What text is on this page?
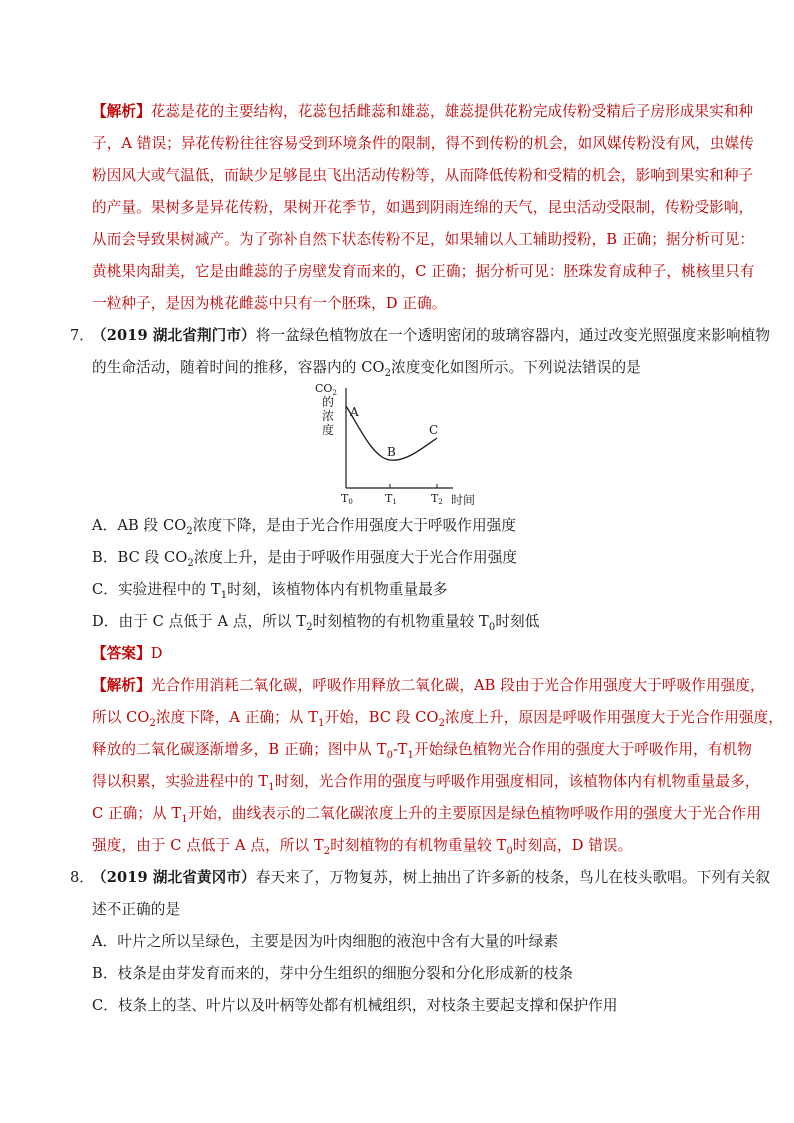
【解析】花蕊是花的主要结构，花蕊包括雌蕊和雄蕊，雄蕊提供花粉完成传粉受精后子房形成果实和种
子，A 错误；异花传粉往往容易受到环境条件的限制，得不到传粉的机会，如风媒传粉没有风，虫媒传
粉因风大或气温低，而缺少足够昆虫飞出活动传粉等，从而降低传粉和受精的机会，影响到果实和种子
的产量。果树多是异花传粉，果树开花季节，如遇到阴雨连绵的天气，昆虫活动受限制，传粉受影响，
从而会导致果树减产。为了弥补自然下状态传粉不足，如果辅以人工辅助授粉，B 正确；据分析可见：
黄桃果肉甜美，它是由雌蕊的子房壁发育而来的，C 正确；据分析可见：胚珠发育成种子，桃核里只有
一粒种子，是因为桃花雌蕊中只有一个胚珠，D 正确。
7．
（2019 湖北省荆门市）将一盆绿色植物放在一个透明密闭的玻璃容器内，通过改变光照强度来影响植物
的生命活动，随着时间的推移，容器内的 $CO_2$浓度变化如图所示。下列说法错误的是
$CO_2$
的
浓
度
A
B
C
T0	T1	T2 时间
A．AB 段 $CO_2$浓度下降，是由于光合作用强度大于呼吸作用强度
B．BC 段 $CO_2$浓度上升，是由于呼吸作用强度大于光合作用强度
C．实验进程中的 $T_1$时刻，该植物体内有机物重量最多
D．由于 C 点低于 A 点，所以 $T_2$时刻植物的有机物重量较 $T_0$时刻低
【答案】D
【解析】光合作用消耗二氧化碳，呼吸作用释放二氧化碳，AB 段由于光合作用强度大于呼吸作用强度，
所以 $CO_2$浓度下降，A 正确；从 $T_1$开始，BC 段 $CO_2$浓度上升，原因是呼吸作用强度大于光合作用强度，
释放的二氧化碳逐渐增多，B 正确；图中从 $T_0-T_1$开始绿色植物光合作用的强度大于呼吸作用，有机物
得以积累，实验进程中的 $T_1$时刻，光合作用的强度与呼吸作用强度相同，该植物体内有机物重量最多，
C 正确；从 $T_1$开始，曲线表示的二氧化碳浓度上升的主要原因是绿色植物呼吸作用的强度大于光合作用
强度，由于 C 点低于 A 点，所以 $T_2$时刻植物的有机物重量较 $T_0$时刻高，D 错误。
8．
（2019 湖北省黄冈市）春天来了，万物复苏，树上抽出了许多新的枝条，鸟儿在枝头歌唱。下列有关叙
述不正确的是
A．叶片之所以呈绿色，主要是因为叶肉细胞的液泡中含有大量的叶绿素
B．枝条是由芽发育而来的，芽中分生组织的细胞分裂和分化形成新的枝条
C．枝条上的茎、叶片以及叶柄等处都有机械组织，对枝条主要起支撑和保护作用
